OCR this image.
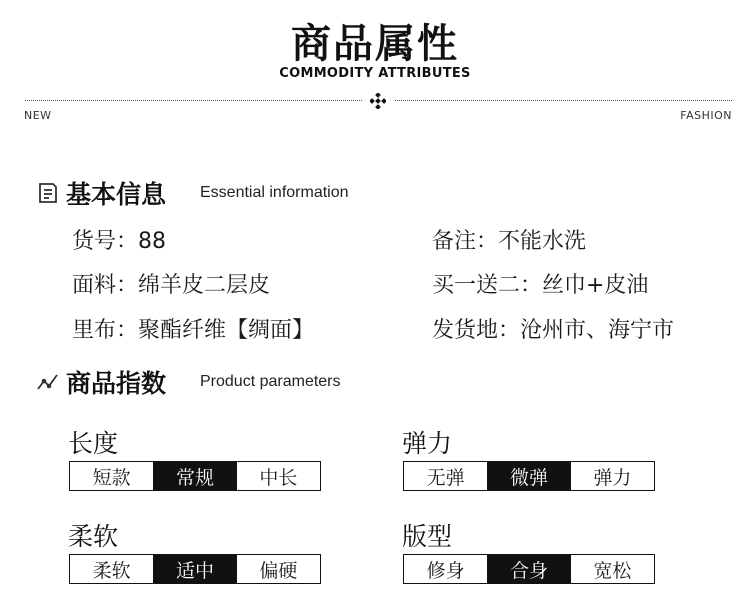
商品属性
COMMODITY ATTRIBUTES
NEW	FASHION
基本信息 Essential information
货号：88	备注：不能水洗
面料：绵羊皮二层皮	买一送二：丝巾+皮油
里布：聚酯纤维【绸面】	发货地：沧州市、海宁市
商品指数 Product parameters
长度
短款	常规	中长
弹力
无弹	微弹	弹力
柔软
柔软	适中	偏硬
版型
修身	合身	宽松
